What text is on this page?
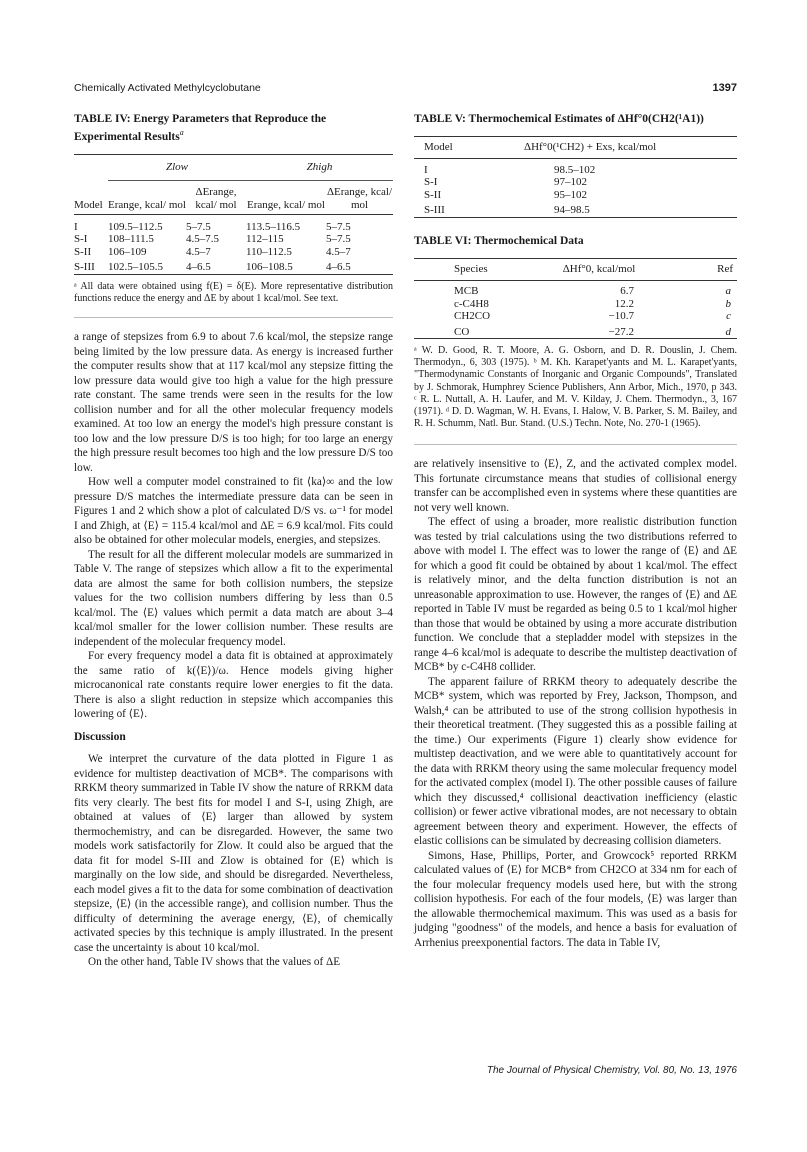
Chemically Activated Methylcyclobutane	1397
TABLE IV: Energy Parameters that Reproduce the
Experimental Results$^a$
	Zlow		Zhigh	

Model	Erange, kcal/ mol	ΔErange, kcal/ mol	Erange, kcal/ mol	ΔErange, kcal/ mol

I	109.5–112.5	5–7.5	113.5–116.5	5–7.5
S-I	108–111.5	4.5–7.5	112–115	5–7.5
S-II	106–109	4.5–7	110–112.5	4.5–7
S-III	102.5–105.5	4–6.5	106–108.5	4–6.5
ᵃ All data were obtained using f(E) = δ(E). More representative distribution functions reduce the energy and ΔE by about 1 kcal/mol. See text.

a range of stepsizes from 6.9 to about 7.6 kcal/mol, the stepsize range being limited by the low pressure data. As energy is increased further the computer results show that at 117 kcal/mol any stepsize fitting the low pressure data would give too high a value for the high pressure rate constant. The same trends were seen in the results for the low collision number and for all the other molecular frequency models examined. At too low an energy the model's high pressure constant is too low and the low pressure D/S is too high; for too large an energy the high pressure result becomes too high and the low pressure D/S too low.

How well a computer model constrained to fit ⟨ka⟩∞ and the low pressure D/S matches the intermediate pressure data can be seen in Figures 1 and 2 which show a plot of calculated D/S vs. ω⁻¹ for model I and Zhigh, at ⟨E⟩ = 115.4 kcal/mol and ΔE = 6.9 kcal/mol. Fits could also be obtained for other molecular models, energies, and stepsizes.

The result for all the different molecular models are summarized in Table V. The range of stepsizes which allow a fit to the experimental data are almost the same for both collision numbers, the stepsize values for the two collision numbers differing by less than 0.5 kcal/mol. The ⟨E⟩ values which permit a data match are about 3–4 kcal/mol smaller for the lower collision number. These results are independent of the molecular frequency model.

For every frequency model a data fit is obtained at approximately the same ratio of k(⟨E⟩)/ω. Hence models giving higher microcanonical rate constants require lower energies to fit the data. There is also a slight reduction in stepsize which accompanies this lowering of ⟨E⟩.

Discussion

We interpret the curvature of the data plotted in Figure 1 as evidence for multistep deactivation of MCB*. The comparisons with RRKM theory summarized in Table IV show the nature of RRKM data fits very clearly. The best fits for model I and S-I, using Zhigh, are obtained at values of ⟨E⟩ larger than allowed by system thermochemistry, and can be disregarded. However, the same two models work satisfactorily for Zlow. It could also be argued that the data fit for model S-III and Zlow is obtained for ⟨E⟩ which is marginally on the low side, and should be disregarded. Nevertheless, each model gives a fit to the data for some combination of deactivation stepsize, ⟨E⟩ (in the accessible range), and collision number. Thus the difficulty of determining the average energy, ⟨E⟩, of chemically activated species by this technique is amply illustrated. In the present case the uncertainty is about 10 kcal/mol.

On the other hand, Table IV shows that the values of ΔE

TABLE V: Thermochemical Estimates of ΔHf°0(CH2(¹A1))
Model	ΔHf°0(¹CH2) + Exs, kcal/mol

I	98.5–102
S-I	97–102
S-II	95–102
S-III	94–98.5
TABLE VI: Thermochemical Data
Species	ΔHf°0, kcal/mol	Ref

MCB	6.7	a
c-C4H8	12.2	b
CH2CO	−10.7	c
CO	−27.2	d
ᵃ W. D. Good, R. T. Moore, A. G. Osborn, and D. R. Douslin, J. Chem. Thermodyn., 6, 303 (1975). ᵇ M. Kh. Karapet'yants and M. L. Karapet'yants, "Thermodynamic Constants of Inorganic and Organic Compounds", Translated by J. Schmorak, Humphrey Science Publishers, Ann Arbor, Mich., 1970, p 343. ᶜ R. L. Nuttall, A. H. Laufer, and M. V. Kilday, J. Chem. Thermodyn., 3, 167 (1971). ᵈ D. D. Wagman, W. H. Evans, I. Halow, V. B. Parker, S. M. Bailey, and R. H. Schumm, Natl. Bur. Stand. (U.S.) Techn. Note, No. 270-1 (1965).

are relatively insensitive to ⟨E⟩, Z, and the activated complex model. This fortunate circumstance means that studies of collisional energy transfer can be accomplished even in systems where these quantities are not very well known.

The effect of using a broader, more realistic distribution function was tested by trial calculations using the two distributions referred to above with model I. The effect was to lower the range of ⟨E⟩ and ΔE for which a good fit could be obtained by about 1 kcal/mol. The effect is relatively minor, and the delta function distribution is not an unreasonable approximation to use. However, the ranges of ⟨E⟩ and ΔE reported in Table IV must be regarded as being 0.5 to 1 kcal/mol higher than those that would be obtained by using a more accurate distribution function. We conclude that a stepladder model with stepsizes in the range 4–6 kcal/mol is adequate to describe the multistep deactivation of MCB* by c-C4H8 collider.

The apparent failure of RRKM theory to adequately describe the MCB* system, which was reported by Frey, Jackson, Thompson, and Walsh,⁴ can be attributed to use of the strong collision hypothesis in their theoretical treatment. (They suggested this as a possible failing at the time.) Our experiments (Figure 1) clearly show evidence for multistep deactivation, and we were able to quantitatively account for the data with RRKM theory using the same molecular frequency model for the activated complex (model I). The other possible causes of failure which they discussed,⁴ collisional deactivation inefficiency (elastic collision) or fewer active vibrational modes, are not necessary to obtain agreement between theory and experiment. However, the effects of elastic collisions can be simulated by decreasing collision diameters.

Simons, Hase, Phillips, Porter, and Growcock⁵ reported RRKM calculated values of ⟨E⟩ for MCB* from CH2CO at 334 nm for each of the four molecular frequency models used here, but with the strong collision hypothesis. For each of the four models, ⟨E⟩ was larger than the allowable thermochemical maximum. This was used as a basis for judging "goodness" of the models, and hence a basis for evaluation of Arrhenius preexponential factors. The data in Table IV,

The Journal of Physical Chemistry, Vol. 80, No. 13, 1976
